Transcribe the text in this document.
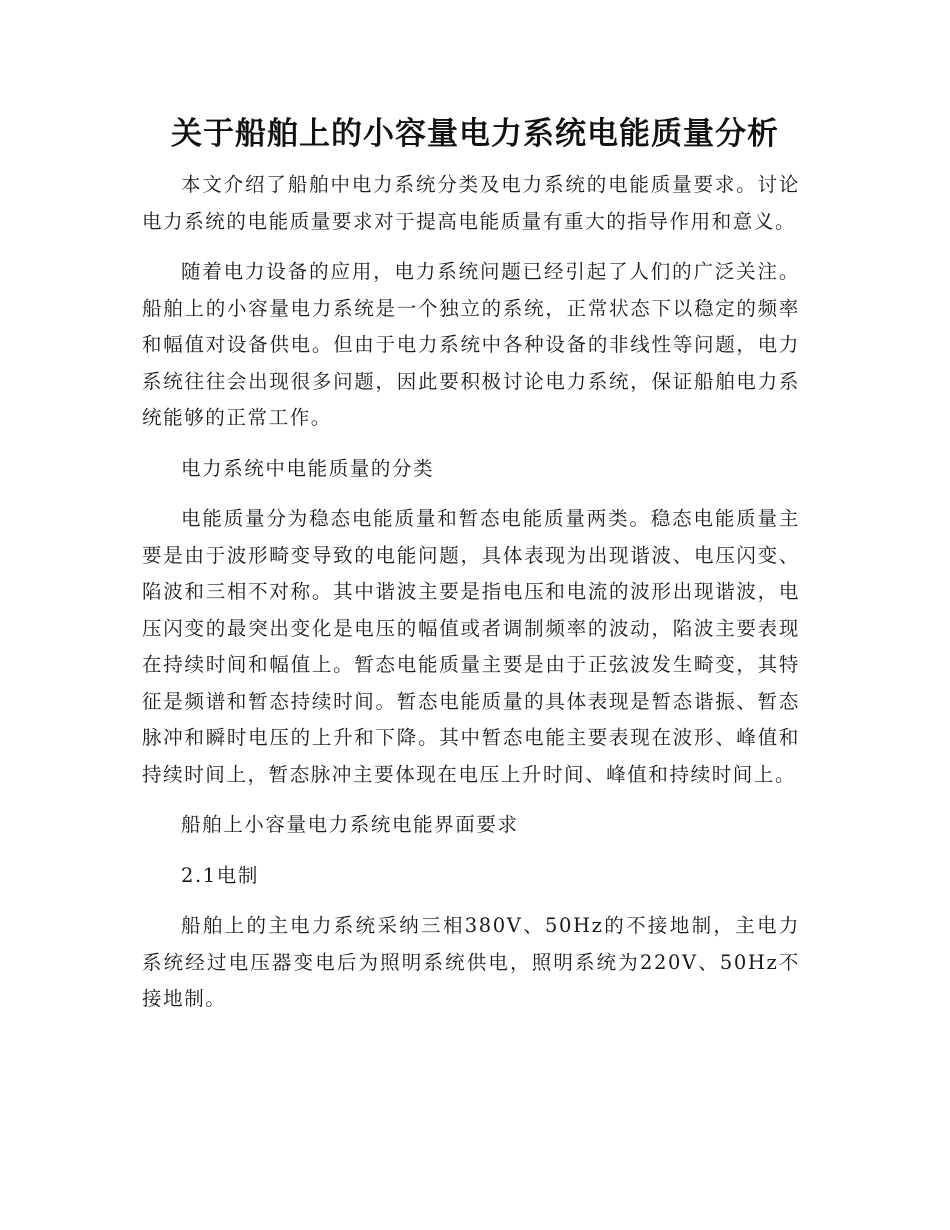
关于船舶上的小容量电力系统电能质量分析

本文介绍了船舶中电力系统分类及电力系统的电能质量要求。讨论电力系统的电能质量要求对于提高电能质量有重大的指导作用和意义。

随着电力设备的应用，电力系统问题已经引起了人们的广泛关注。船舶上的小容量电力系统是一个独立的系统，正常状态下以稳定的频率和幅值对设备供电。但由于电力系统中各种设备的非线性等问题，电力系统往往会出现很多问题，因此要积极讨论电力系统，保证船舶电力系统能够的正常工作。

电力系统中电能质量的分类

电能质量分为稳态电能质量和暂态电能质量两类。稳态电能质量主要是由于波形畸变导致的电能问题，具体表现为出现谐波、电压闪变、陷波和三相不对称。其中谐波主要是指电压和电流的波形出现谐波，电压闪变的最突出变化是电压的幅值或者调制频率的波动，陷波主要表现在持续时间和幅值上。暂态电能质量主要是由于正弦波发生畸变，其特征是频谱和暂态持续时间。暂态电能质量的具体表现是暂态谐振、暂态脉冲和瞬时电压的上升和下降。其中暂态电能主要表现在波形、峰值和持续时间上，暂态脉冲主要体现在电压上升时间、峰值和持续时间上。

船舶上小容量电力系统电能界面要求

2.1电制

船舶上的主电力系统采纳三相380V、50Hz的不接地制，主电力系统经过电压器变电后为照明系统供电，照明系统为220V、50Hz不接地制。
